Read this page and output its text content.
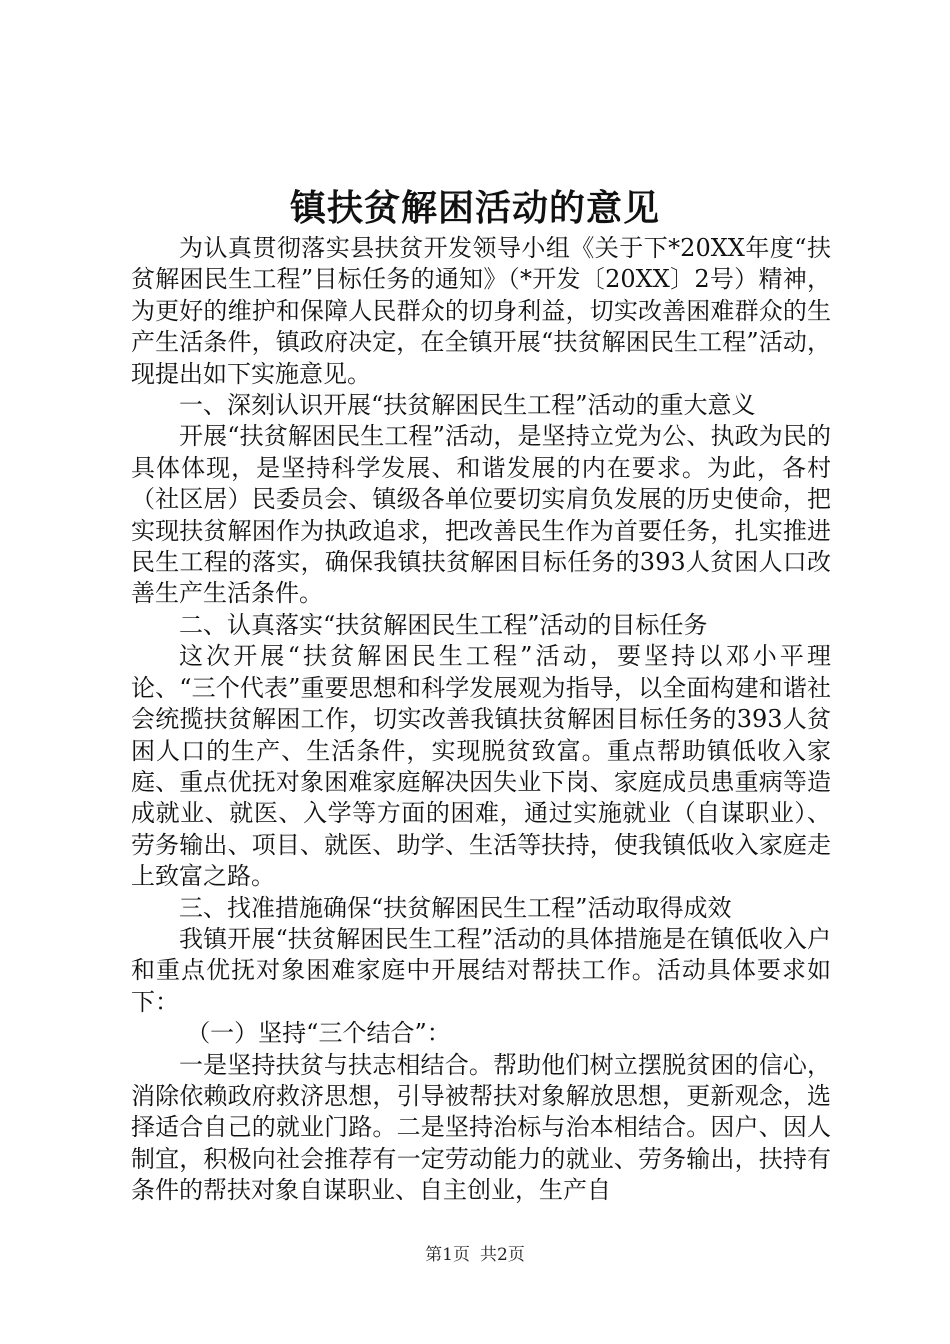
镇扶贫解困活动的意见

为认真贯彻落实县扶贫开发领导小组《关于下*20XX年度“扶贫解困民生工程”目标任务的通知》（*开发〔20XX〕2号）精神，为更好的维护和保障人民群众的切身利益，切实改善困难群众的生产生活条件，镇政府决定，在全镇开展“扶贫解困民生工程”活动，现提出如下实施意见。

一、深刻认识开展“扶贫解困民生工程”活动的重大意义

开展“扶贫解困民生工程”活动，是坚持立党为公、执政为民的具体体现，是坚持科学发展、和谐发展的内在要求。为此，各村（社区居）民委员会、镇级各单位要切实肩负发展的历史使命，把实现扶贫解困作为执政追求，把改善民生作为首要任务，扎实推进民生工程的落实，确保我镇扶贫解困目标任务的393人贫困人口改善生产生活条件。

二、认真落实“扶贫解困民生工程”活动的目标任务

这次开展“扶贫解困民生工程”活动，要坚持以邓小平理论、“三个代表”重要思想和科学发展观为指导，以全面构建和谐社会统揽扶贫解困工作，切实改善我镇扶贫解困目标任务的393人贫困人口的生产、生活条件，实现脱贫致富。重点帮助镇低收入家庭、重点优抚对象困难家庭解决因失业下岗、家庭成员患重病等造成就业、就医、入学等方面的困难，通过实施就业（自谋职业）、劳务输出、项目、就医、助学、生活等扶持，使我镇低收入家庭走上致富之路。

三、找准措施确保“扶贫解困民生工程”活动取得成效

我镇开展“扶贫解困民生工程”活动的具体措施是在镇低收入户和重点优抚对象困难家庭中开展结对帮扶工作。活动具体要求如下：

（一）坚持“三个结合”：

一是坚持扶贫与扶志相结合。帮助他们树立摆脱贫困的信心，消除依赖政府救济思想，引导被帮扶对象解放思想，更新观念，选择适合自己的就业门路。二是坚持治标与治本相结合。因户、因人制宜，积极向社会推荐有一定劳动能力的就业、劳务输出，扶持有条件的帮扶对象自谋职业、自主创业，生产自

第1页 共2页
